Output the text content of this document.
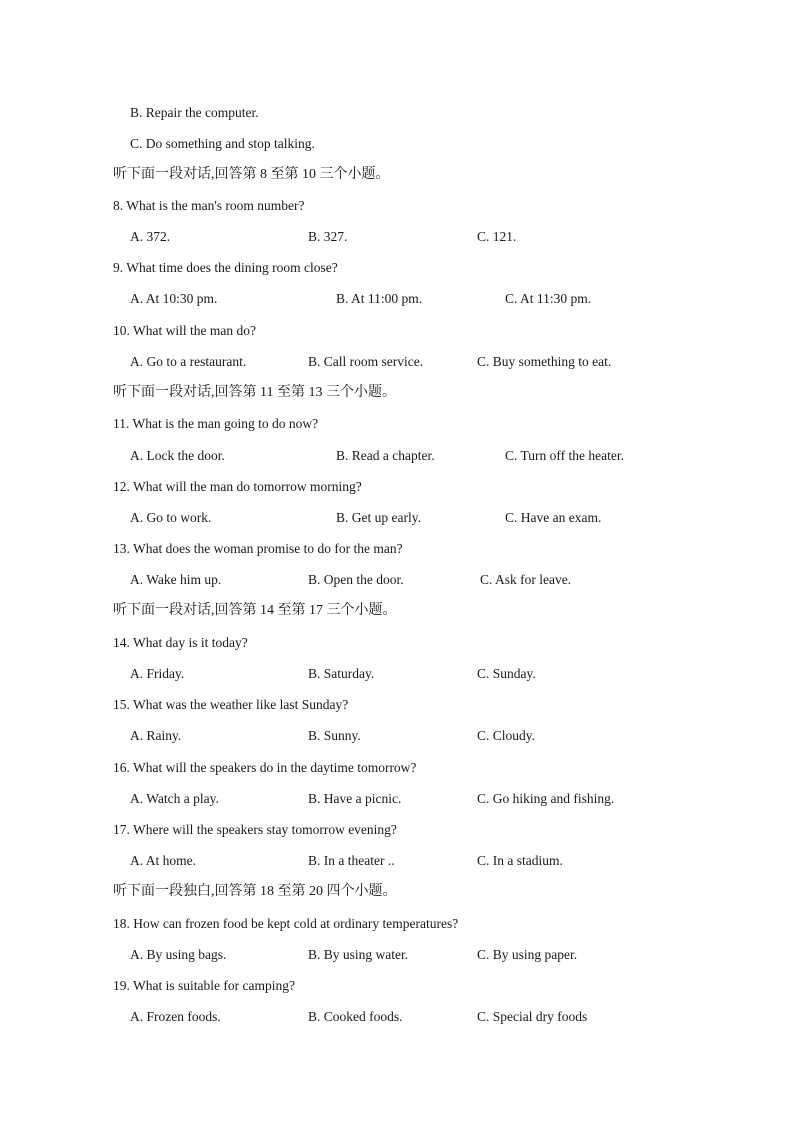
B. Repair the computer.
C. Do something and stop talking.
听下面一段对话,回答第 8 至第 10 三个小题。
8. What is the man's room number?
A. 372.	B. 327.	C. 121.
9. What time does the dining room close?
A. At 10:30 pm.	B. At 11:00 pm.	C. At 11:30 pm.
10. What will the man do?
A. Go to a restaurant.	B. Call room service.	C. Buy something to eat.
听下面一段对话,回答第 11 至第 13 三个小题。
11. What is the man going to do now?
A. Lock the door.	B. Read a chapter.	C. Turn off the heater.
12. What will the man do tomorrow morning?
A. Go to work.	B. Get up early.	C. Have an exam.
13. What does the woman promise to do for the man?
A. Wake him up.	B. Open the door.	C. Ask for leave.
听下面一段对话,回答第 14 至第 17 三个小题。
14. What day is it today?
A. Friday.	B. Saturday.	C. Sunday.
15. What was the weather like last Sunday?
A. Rainy.	B. Sunny.	C. Cloudy.
16. What will the speakers do in the daytime tomorrow?
A. Watch a play.	B. Have a picnic.	C. Go hiking and fishing.
17. Where will the speakers stay tomorrow evening?
A. At home.	B. In a theater ..	C. In a stadium.
听下面一段独白,回答第 18 至第 20 四个小题。
18. How can frozen food be kept cold at ordinary temperatures?
A. By using bags.	B. By using water.	C. By using paper.
19. What is suitable for camping?
A. Frozen foods.	B. Cooked foods.	C. Special dry foods
